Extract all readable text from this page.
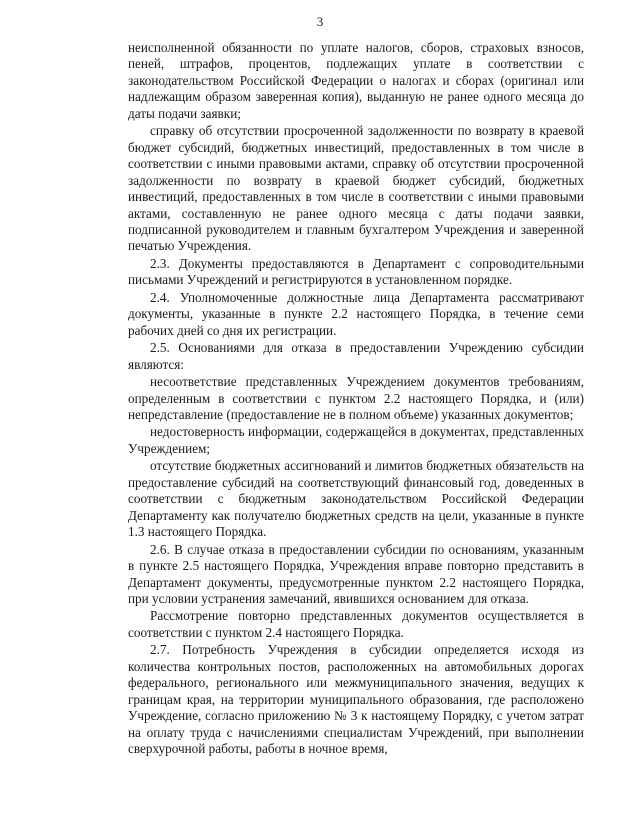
3

неисполненной обязанности по уплате налогов, сборов, страховых взносов, пеней, штрафов, процентов, подлежащих уплате в соответствии с законодательством Российской Федерации о налогах и сборах (оригинал или надлежащим образом заверенная копия), выданную не ранее одного месяца до даты подачи заявки;

справку об отсутствии просроченной задолженности по возврату в краевой бюджет субсидий, бюджетных инвестиций, предоставленных в том числе в соответствии с иными правовыми актами, справку об отсутствии просроченной задолженности по возврату в краевой бюджет субсидий, бюджетных инвестиций, предоставленных в том числе в соответствии с иными правовыми актами, составленную не ранее одного месяца с даты подачи заявки, подписанной руководителем и главным бухгалтером Учреждения и заверенной печатью Учреждения.

2.3. Документы предоставляются в Департамент с сопроводительными письмами Учреждений и регистрируются в установленном порядке.

2.4. Уполномоченные должностные лица Департамента рассматривают документы, указанные в пункте 2.2 настоящего Порядка, в течение семи рабочих дней со дня их регистрации.

2.5. Основаниями для отказа в предоставлении Учреждению субсидии являются:

несоответствие представленных Учреждением документов требованиям, определенным в соответствии с пунктом 2.2 настоящего Порядка, и (или) непредставление (предоставление не в полном объеме) указанных документов;

недостоверность информации, содержащейся в документах, представленных Учреждением;

отсутствие бюджетных ассигнований и лимитов бюджетных обязательств на предоставление субсидий на соответствующий финансовый год, доведенных в соответствии с бюджетным законодательством Российской Федерации Департаменту как получателю бюджетных средств на цели, указанные в пункте 1.3 настоящего Порядка.

2.6. В случае отказа в предоставлении субсидии по основаниям, указанным в пункте 2.5 настоящего Порядка, Учреждения вправе повторно представить в Департамент документы, предусмотренные пунктом 2.2 настоящего Порядка, при условии устранения замечаний, явившихся основанием для отказа.

Рассмотрение повторно представленных документов осуществляется в соответствии с пунктом 2.4 настоящего Порядка.

2.7. Потребность Учреждения в субсидии определяется исходя из количества контрольных постов, расположенных на автомобильных дорогах федерального, регионального или межмуниципального значения, ведущих к границам края, на территории муниципального образования, где расположено Учреждение, согласно приложению № 3 к настоящему Порядку, с учетом затрат на оплату труда с начислениями специалистам Учреждений, при выполнении сверхурочной работы, работы в ночное время,
